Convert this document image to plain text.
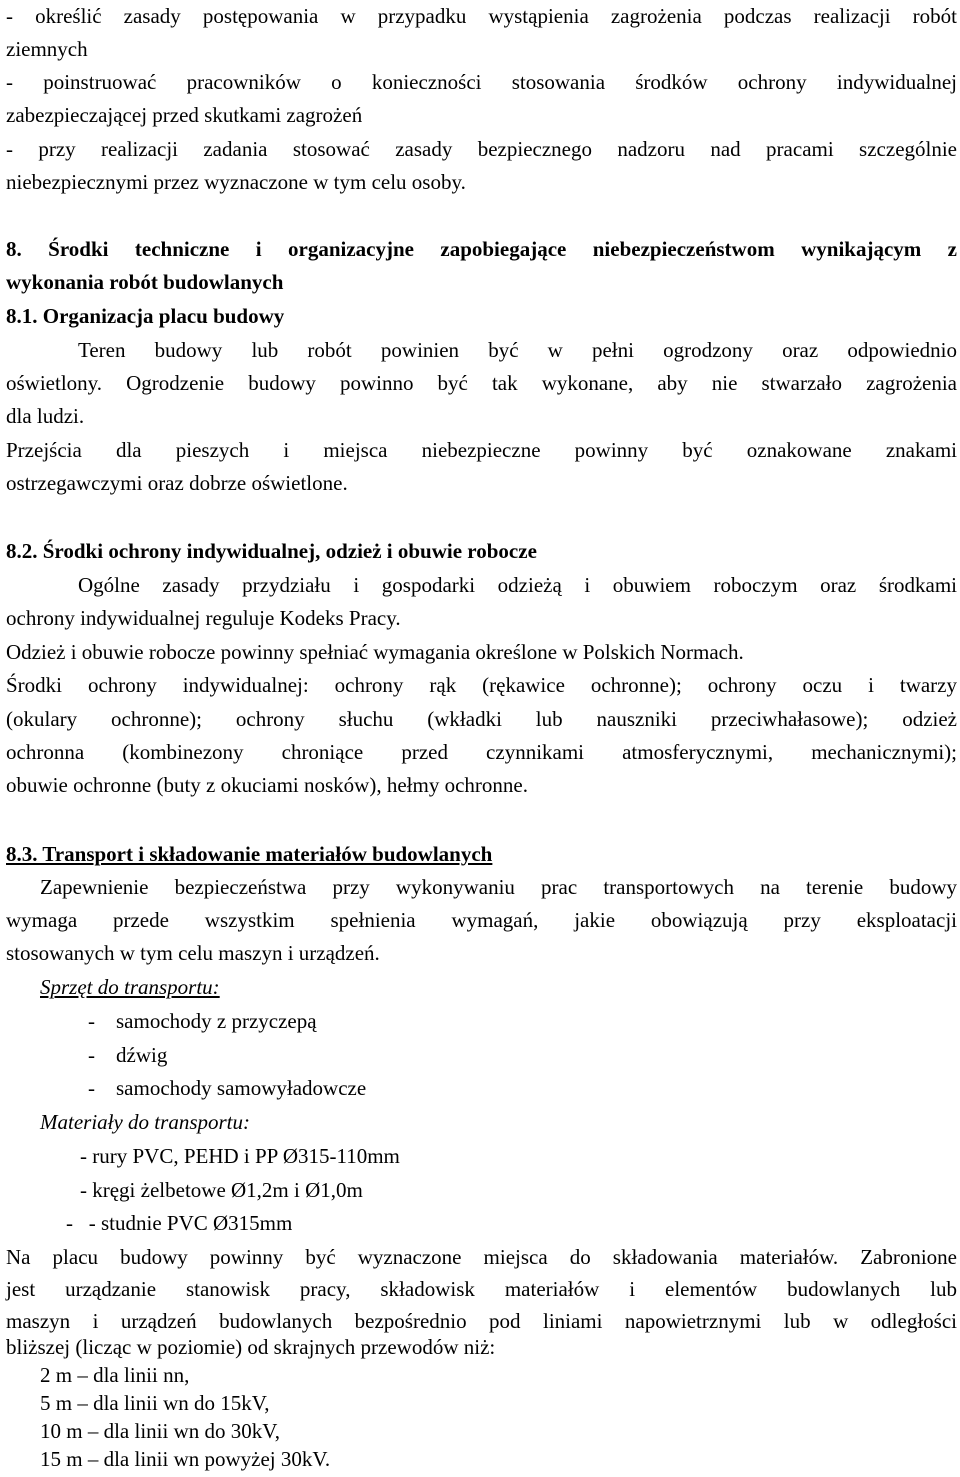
- określić zasady postępowania w przypadku wystąpienia zagrożenia podczas realizacji robót
ziemnych
- poinstruować pracowników o konieczności stosowania środków ochrony indywidualnej
zabezpieczającej przed skutkami zagrożeń
- przy realizacji zadania stosować zasady bezpiecznego nadzoru nad pracami szczególnie
niebezpiecznymi przez wyznaczone w tym celu osoby.
8. Środki techniczne i organizacyjne zapobiegające niebezpieczeństwom wynikającym z
wykonania robót budowlanych
8.1. Organizacja placu budowy
Teren budowy lub robót powinien być w pełni ogrodzony oraz odpowiednio
oświetlony. Ogrodzenie budowy powinno być tak wykonane, aby nie stwarzało zagrożenia
dla ludzi.
Przejścia dla pieszych i miejsca niebezpieczne powinny być oznakowane znakami
ostrzegawczymi oraz dobrze oświetlone.
8.2. Środki ochrony indywidualnej, odzież i obuwie robocze
Ogólne zasady przydziału i gospodarki odzieżą i obuwiem roboczym oraz środkami
ochrony indywidualnej reguluje Kodeks Pracy.
Odzież i obuwie robocze powinny spełniać wymagania określone w Polskich Normach.
Środki ochrony indywidualnej: ochrony rąk (rękawice ochronne); ochrony oczu i twarzy
(okulary ochronne); ochrony słuchu (wkładki lub nauszniki przeciwhałasowe); odzież
ochronna (kombinezony chroniące przed czynnikami atmosferycznymi, mechanicznymi);
obuwie ochronne (buty z okuciami nosków), hełmy ochronne.
8.3. Transport i składowanie materiałów budowlanych
Zapewnienie bezpieczeństwa przy wykonywaniu prac transportowych na terenie budowy
wymaga przede wszystkim spełnienia wymagań, jakie obowiązują przy eksploatacji
stosowanych w tym celu maszyn i urządzeń.
Sprzęt do transportu:
-    samochody z przyczepą
-    dźwig
-    samochody samowyładowcze
Materiały do transportu:
- rury PVC, PEHD i PP Ø315-110mm
- kręgi żelbetowe Ø1,2m i Ø1,0m
-   - studnie PVC Ø315mm
Na placu budowy powinny być wyznaczone miejsca do składowania materiałów. Zabronione
jest urządzanie stanowisk pracy, składowisk materiałów i elementów budowlanych lub
maszyn i urządzeń budowlanych bezpośrednio pod liniami napowietrznymi lub w odległości
bliższej (licząc w poziomie) od skrajnych przewodów niż:
2 m – dla linii nn,
5 m – dla linii wn do 15kV,
10 m – dla linii wn do 30kV,
15 m – dla linii wn powyżej 30kV.
